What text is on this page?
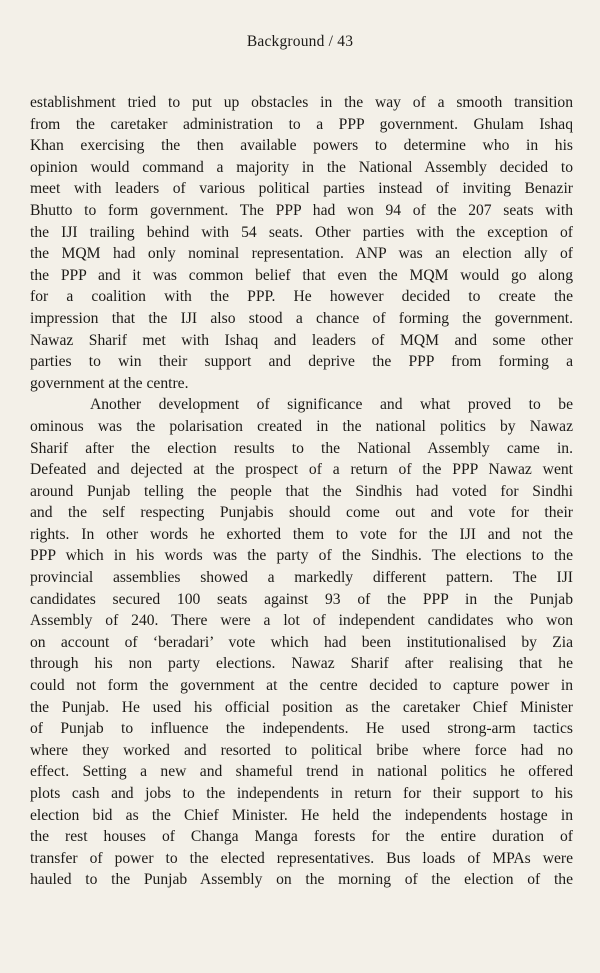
Background / 43

establishment tried to put up obstacles in the way of a smooth transition

from the caretaker administration to a PPP government. Ghulam Ishaq

Khan exercising the then available powers to determine who in his

opinion would command a majority in the National Assembly decided to

meet with leaders of various political parties instead of inviting Benazir

Bhutto to form government. The PPP had won 94 of the 207 seats with

the IJI trailing behind with 54 seats. Other parties with the exception of

the MQM had only nominal representation. ANP was an election ally of

the PPP and it was common belief that even the MQM would go along

for a coalition with the PPP. He however decided to create the

impression that the IJI also stood a chance of forming the government.

Nawaz Sharif met with Ishaq and leaders of MQM and some other

parties to win their support and deprive the PPP from forming a

government at the centre.

Another development of significance and what proved to be

ominous was the polarisation created in the national politics by Nawaz

Sharif after the election results to the National Assembly came in.

Defeated and dejected at the prospect of a return of the PPP Nawaz went

around Punjab telling the people that the Sindhis had voted for Sindhi

and the self respecting Punjabis should come out and vote for their

rights. In other words he exhorted them to vote for the IJI and not the

PPP which in his words was the party of the Sindhis. The elections to the

provincial assemblies showed a markedly different pattern. The IJI

candidates secured 100 seats against 93 of the PPP in the Punjab

Assembly of 240. There were a lot of independent candidates who won

on account of ‘beradari’ vote which had been institutionalised by Zia

through his non party elections. Nawaz Sharif after realising that he

could not form the government at the centre decided to capture power in

the Punjab. He used his official position as the caretaker Chief Minister

of Punjab to influence the independents. He used strong-arm tactics

where they worked and resorted to political bribe where force had no

effect. Setting a new and shameful trend in national politics he offered

plots cash and jobs to the independents in return for their support to his

election bid as the Chief Minister. He held the independents hostage in

the rest houses of Changa Manga forests for the entire duration of

transfer of power to the elected representatives. Bus loads of MPAs were

hauled to the Punjab Assembly on the morning of the election of the
